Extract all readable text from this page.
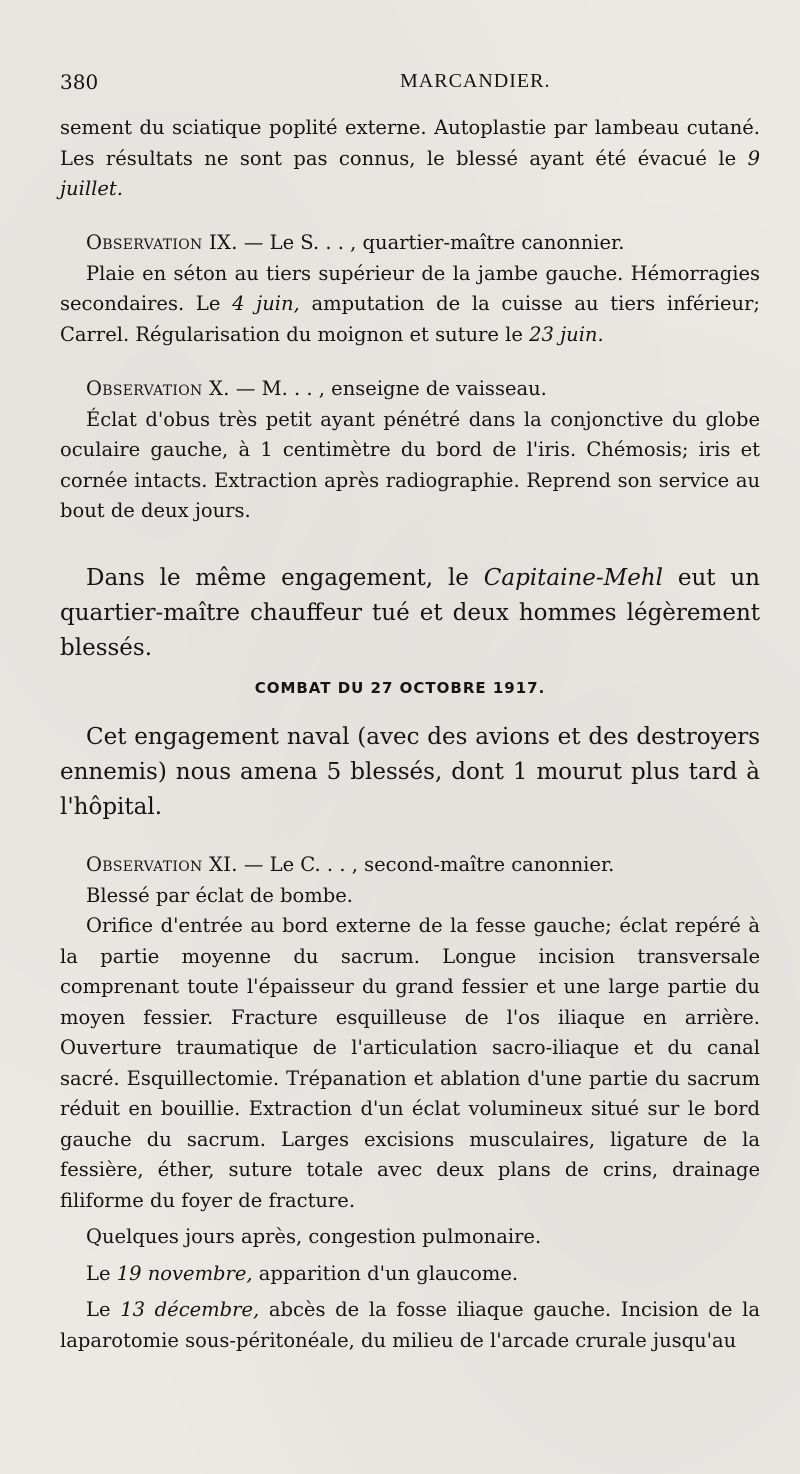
380	MARCANDIER.

sement du sciatique poplité externe. Autoplastie par lambeau cutané. Les résultats ne sont pas connus, le blessé ayant été évacué le 9 juillet.

Observation IX. — Le S. . . , quartier-maître canonnier.

Plaie en séton au tiers supérieur de la jambe gauche. Hémorragies secondaires. Le 4 juin, amputation de la cuisse au tiers inférieur; Carrel. Régularisation du moignon et suture le 23 juin.

Observation X. — M. . . , enseigne de vaisseau.

Éclat d'obus très petit ayant pénétré dans la conjonctive du globe oculaire gauche, à 1 centimètre du bord de l'iris. Chémosis; iris et cornée intacts. Extraction après radiographie. Reprend son service au bout de deux jours.

Dans le même engagement, le Capitaine-Mehl eut un quartier-maître chauffeur tué et deux hommes légèrement blessés.

COMBAT DU 27 OCTOBRE 1917.

Cet engagement naval (avec des avions et des destroyers ennemis) nous amena 5 blessés, dont 1 mourut plus tard à l'hôpital.

Observation XI. — Le C. . . , second-maître canonnier.

Blessé par éclat de bombe.

Orifice d'entrée au bord externe de la fesse gauche; éclat repéré à la partie moyenne du sacrum. Longue incision transversale comprenant toute l'épaisseur du grand fessier et une large partie du moyen fessier. Fracture esquilleuse de l'os iliaque en arrière. Ouverture traumatique de l'articulation sacro-iliaque et du canal sacré. Esquillectomie. Trépanation et ablation d'une partie du sacrum réduit en bouillie. Extraction d'un éclat volumineux situé sur le bord gauche du sacrum. Larges excisions musculaires, ligature de la fessière, éther, suture totale avec deux plans de crins, drainage filiforme du foyer de fracture.

Quelques jours après, congestion pulmonaire.

Le 19 novembre, apparition d'un glaucome.

Le 13 décembre, abcès de la fosse iliaque gauche. Incision de la laparotomie sous-péritonéale, du milieu de l'arcade crurale jusqu'au
